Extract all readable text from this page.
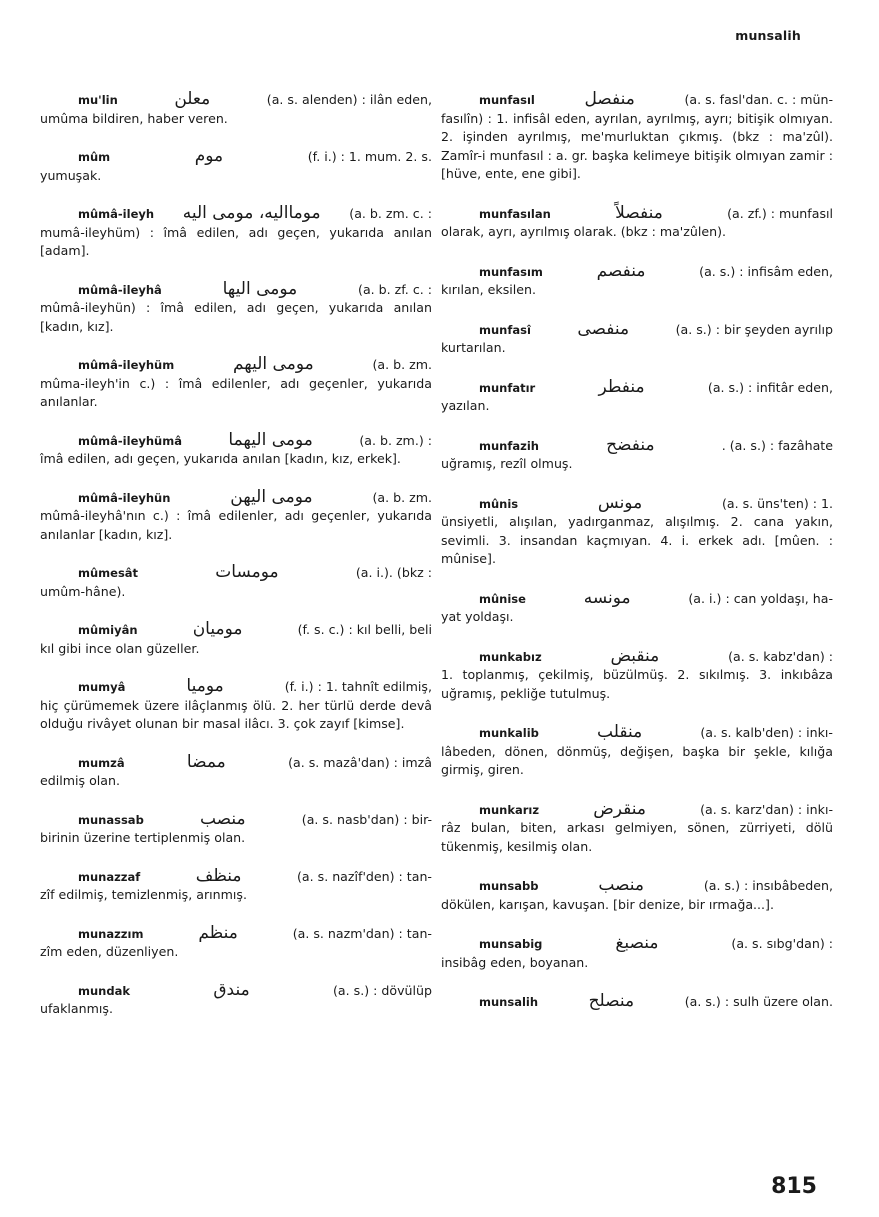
munsalih
mu'lin	معلن	(a. s. alenden) : ilân eden,
umûma bildiren, haber veren.
mûm	موم	(f. i.) : 1. mum. 2. s.
yumuşak.
mûmâ-ileyh مومااليه، مومى اليه (a. b. zm. c. :
mumâ-ileyhüm) : îmâ edilen, adı geçen, yukarıda anılan [adam].
mûmâ-ileyhâ	مومى اليها	(a. b. zf. c. :
mûmâ-ileyhün) : îmâ edilen, adı geçen, yukarıda anılan [kadın, kız].
mûmâ-ileyhüm	مومى اليهم	(a. b. zm.
mûma-ileyh'in c.) : îmâ edilenler, adı geçenler, yukarıda anılanlar.
mûmâ-ileyhümâ	مومى اليهما	(a. b. zm.) :
îmâ edilen, adı geçen, yukarıda anılan [kadın, kız, erkek].
mûmâ-ileyhün	مومى اليهن	(a. b. zm.
mûmâ-ileyhâ'nın c.) : îmâ edilenler, adı geçenler, yukarıda anılanlar [kadın, kız].
mûmesât	مومسات	(a. i.). (bkz :
umûm-hâne).
mûmiyân	موميان	(f. s. c.) : kıl belli, beli
kıl gibi ince olan güzeller.
mumyâ	موميا	(f. i.) : 1. tahnît edilmiş,
hiç çürümemek üzere ilâçlanmış ölü. 2. her türlü derde devâ olduğu rivâyet olunan bir masal ilâcı. 3. çok zayıf [kimse].
mumzâ	ممضا	(a. s. mazâ'dan) : imzâ
edilmiş olan.
munassab	منصب	(a. s. nasb'dan) : bir-
birinin üzerine tertiplenmiş olan.
munazzaf	منظف	(a. s. nazîf'den) : tan-
zîf edilmiş, temizlenmiş, arınmış.
munazzım	منظم	(a. s. nazm'dan) : tan-
zîm eden, düzenliyen.
mundak	مندق	(a. s.) : dövülüp
ufaklanmış.
munfasıl	منفصل	(a. s. fasl'dan. c. : mün-
fasılîn) : 1. infisâl eden, ayrılan, ayrılmış, ayrı; bitişik olmıyan. 2. işinden ayrılmış, me'murluktan çıkmış. (bkz : ma'zûl). Zamîr-i munfasıl : a. gr. başka kelimeye bitişik olmıyan zamir : [hüve, ente, ene gibi].
munfasılan	منفصلاً	(a. zf.) : munfasıl
olarak, ayrı, ayrılmış olarak. (bkz : ma'zûlen).
munfasım	منفصم	(a. s.) : infisâm eden,
kırılan, eksilen.
munfasî	منفصى	(a. s.) : bir şeyden ayrılıp
kurtarılan.
munfatır	منفطر	(a. s.) : infitâr eden,
yazılan.
munfazih	منفضح	. (a. s.) : fazâhate
uğramış, rezîl olmuş.
mûnis	مونس	(a. s. üns'ten) : 1.
ünsiyetli, alışılan, yadırganmaz, alışılmış. 2. cana yakın, sevimli. 3. insandan kaçmıyan. 4. i. erkek adı. [mûen. : mûnise].
mûnise	مونسه	(a. i.) : can yoldaşı, ha-
yat yoldaşı.
munkabız	منقبض	(a. s. kabz'dan) :
1. toplanmış, çekilmiş, büzülmüş. 2. sıkılmış. 3. inkıbâza uğramış, pekliğe tutulmuş.
munkalib	منقلب	(a. s. kalb'den) : inkı-
lâbeden, dönen, dönmüş, değişen, başka bir şekle, kılığa girmiş, giren.
munkarız	منقرض	(a. s. karz'dan) : inkı-
râz bulan, biten, arkası gelmiyen, sönen, zürriyeti, dölü tükenmiş, kesilmiş olan.
munsabb	منصب	(a. s.) : insıbâbeden,
dökülen, karışan, kavuşan. [bir denize, bir ırmağa...].
munsabig	منصبغ	(a. s. sıbg'dan) :
insibâg eden, boyanan.
munsalih	منصلح	(a. s.) : sulh üzere olan.
815
